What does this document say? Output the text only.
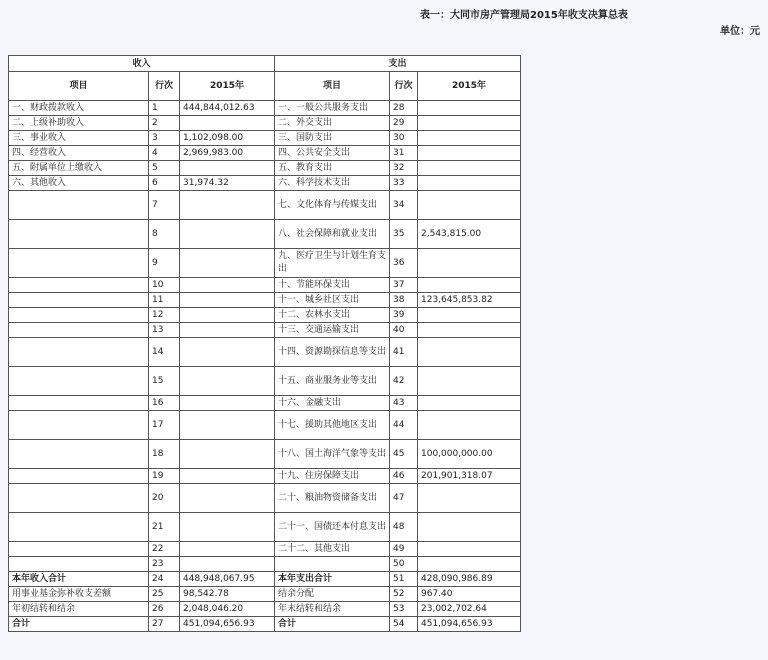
表一：大同市房产管理局2015年收支决算总表
单位：元
收入			支出		
项目	行次	2015年	项目	行次	2015年
一、财政拨款收入	1	444,844,012.63	一、一般公共服务支出	28	
二、上级补助收入	2		二、外交支出	29	
三、事业收入	3	1,102,098.00	三、国防支出	30	
四、经营收入	4	2,969,983.00	四、公共安全支出	31	
五、附属单位上缴收入	5		五、教育支出	32	
六、其他收入	6	31,974.32	六、科学技术支出	33	
	7		七、文化体育与传媒支出	34	
	8		八、社会保障和就业支出	35	2,543,815.00
	9		九、医疗卫生与计划生育支出	36	
	10		十、节能环保支出	37	
	11		十一、城乡社区支出	38	123,645,853.82
	12		十二、农林水支出	39	
	13		十三、交通运输支出	40	
	14		十四、资源勘探信息等支出	41	
	15		十五、商业服务业等支出	42	
	16		十六、金融支出	43	
	17		十七、援助其他地区支出	44	
	18		十八、国土海洋气象等支出	45	100,000,000.00
	19		十九、住房保障支出	46	201,901,318.07
	20		二十、粮油物资储备支出	47	
	21		二十一、国债还本付息支出	48	
	22		二十二、其他支出	49	
	23			50	
本年收入合计	24	448,948,067.95	本年支出合计	51	428,090,986.89
用事业基金弥补收支差额	25	98,542.78	结余分配	52	967.40
年初结转和结余	26	2,048,046.20	年末结转和结余	53	23,002,702.64
合计	27	451,094,656.93	合计	54	451,094,656.93
